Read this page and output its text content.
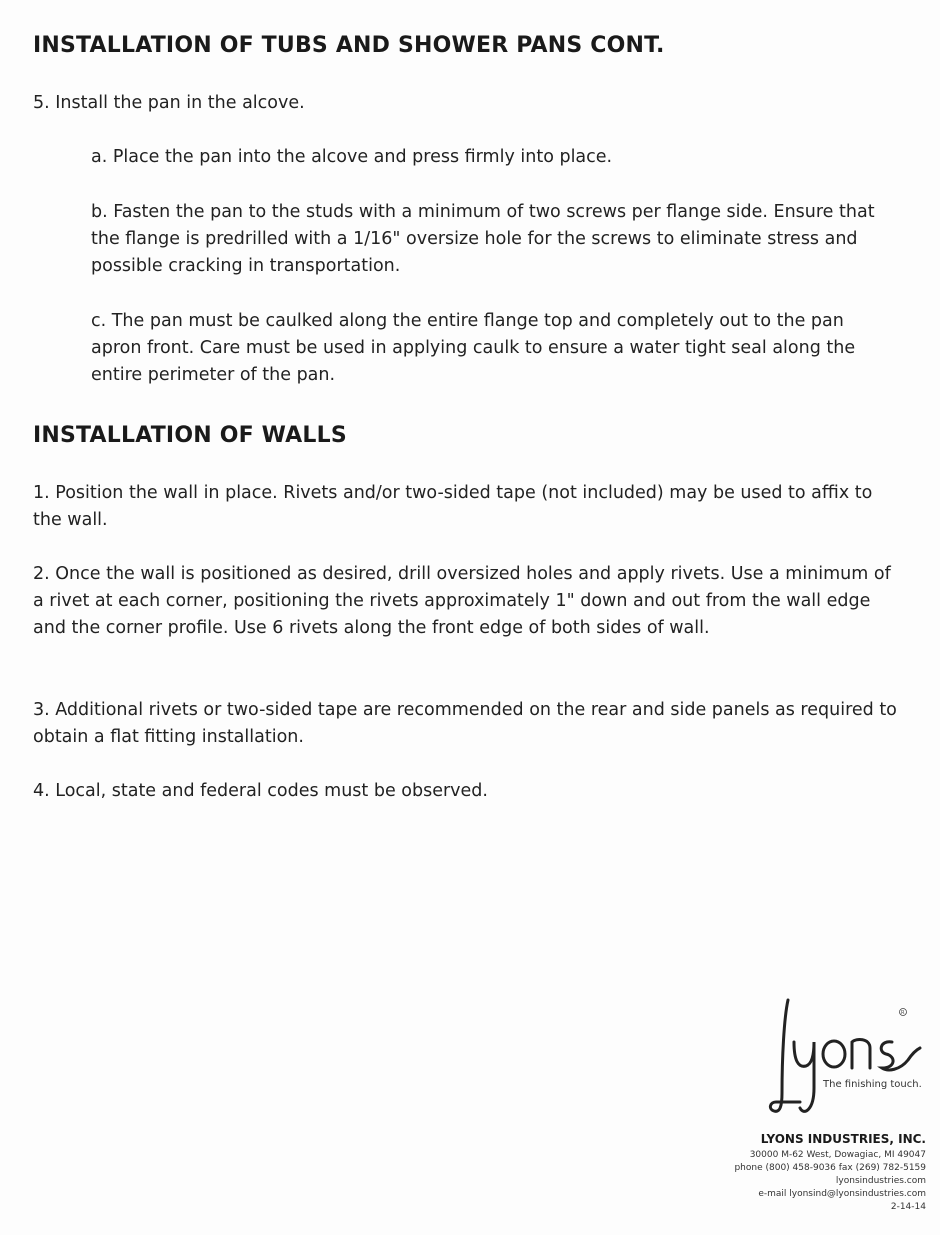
INSTALLATION OF TUBS AND SHOWER PANS CONT.

5. Install the pan in the alcove.

a. Place the pan into the alcove and press firmly into place.

b. Fasten the pan to the studs with a minimum of two screws per flange side. Ensure that the flange is predrilled with a 1/16" oversize hole for the screws to eliminate stress and possible cracking in transportation.

c. The pan must be caulked along the entire flange top and completely out to the pan apron front. Care must be used in applying caulk to ensure a water tight seal along the entire perimeter of the pan.

INSTALLATION OF WALLS

1. Position the wall in place. Rivets and/or two-sided tape (not included) may be used to affix to the wall.

2. Once the wall is positioned as desired, drill oversized holes and apply rivets. Use a minimum of a rivet at each corner, positioning the rivets approximately 1" down and out from the wall edge and the corner profile. Use 6 rivets along the front edge of both sides of wall.

3. Additional rivets or two-sided tape are recommended on the rear and side panels as required to obtain a flat fitting installation.

4. Local, state and federal codes must be observed.

R
The finishing touch.
LYONS INDUSTRIES, INC.
30000 M-62 West, Dowagiac, MI 49047
phone (800) 458-9036 fax (269) 782-5159
lyonsindustries.com
e-mail lyonsind@lyonsindustries.com
2-14-14
